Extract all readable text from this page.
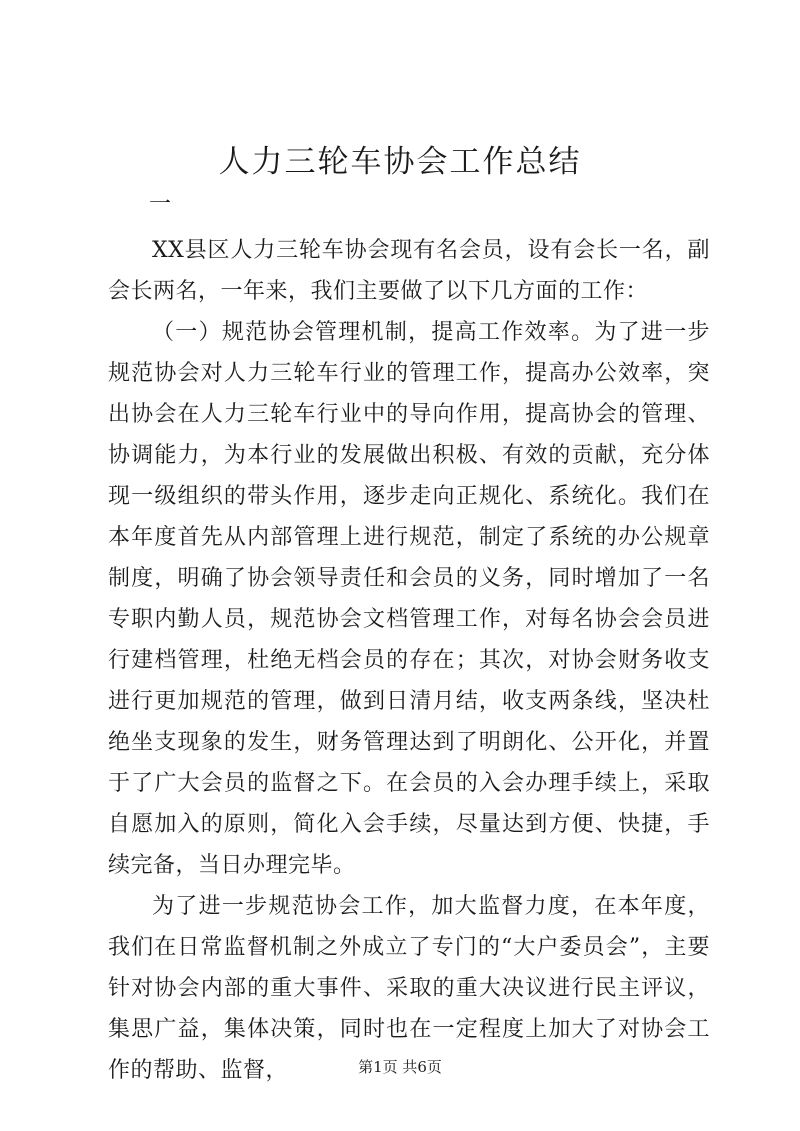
人力三轮车协会工作总结
一

XX县区人力三轮车协会现有名会员，设有会长一名，副会长两名，一年来，我们主要做了以下几方面的工作：

（一）规范协会管理机制，提高工作效率。为了进一步规范协会对人力三轮车行业的管理工作，提高办公效率，突出协会在人力三轮车行业中的导向作用，提高协会的管理、协调能力，为本行业的发展做出积极、有效的贡献，充分体现一级组织的带头作用，逐步走向正规化、系统化。我们在本年度首先从内部管理上进行规范，制定了系统的办公规章制度，明确了协会领导责任和会员的义务，同时增加了一名专职内勤人员，规范协会文档管理工作，对每名协会会员进行建档管理，杜绝无档会员的存在；其次，对协会财务收支进行更加规范的管理，做到日清月结，收支两条线，坚决杜绝坐支现象的发生，财务管理达到了明朗化、公开化，并置于了广大会员的监督之下。在会员的入会办理手续上，采取自愿加入的原则，简化入会手续，尽量达到方便、快捷，手续完备，当日办理完毕。

为了进一步规范协会工作，加大监督力度，在本年度，我们在日常监督机制之外成立了专门的“大户委员会”，主要针对协会内部的重大事件、采取的重大决议进行民主评议，集思广益，集体决策，同时也在一定程度上加大了对协会工作的帮助、监督，	第1页 共6页
